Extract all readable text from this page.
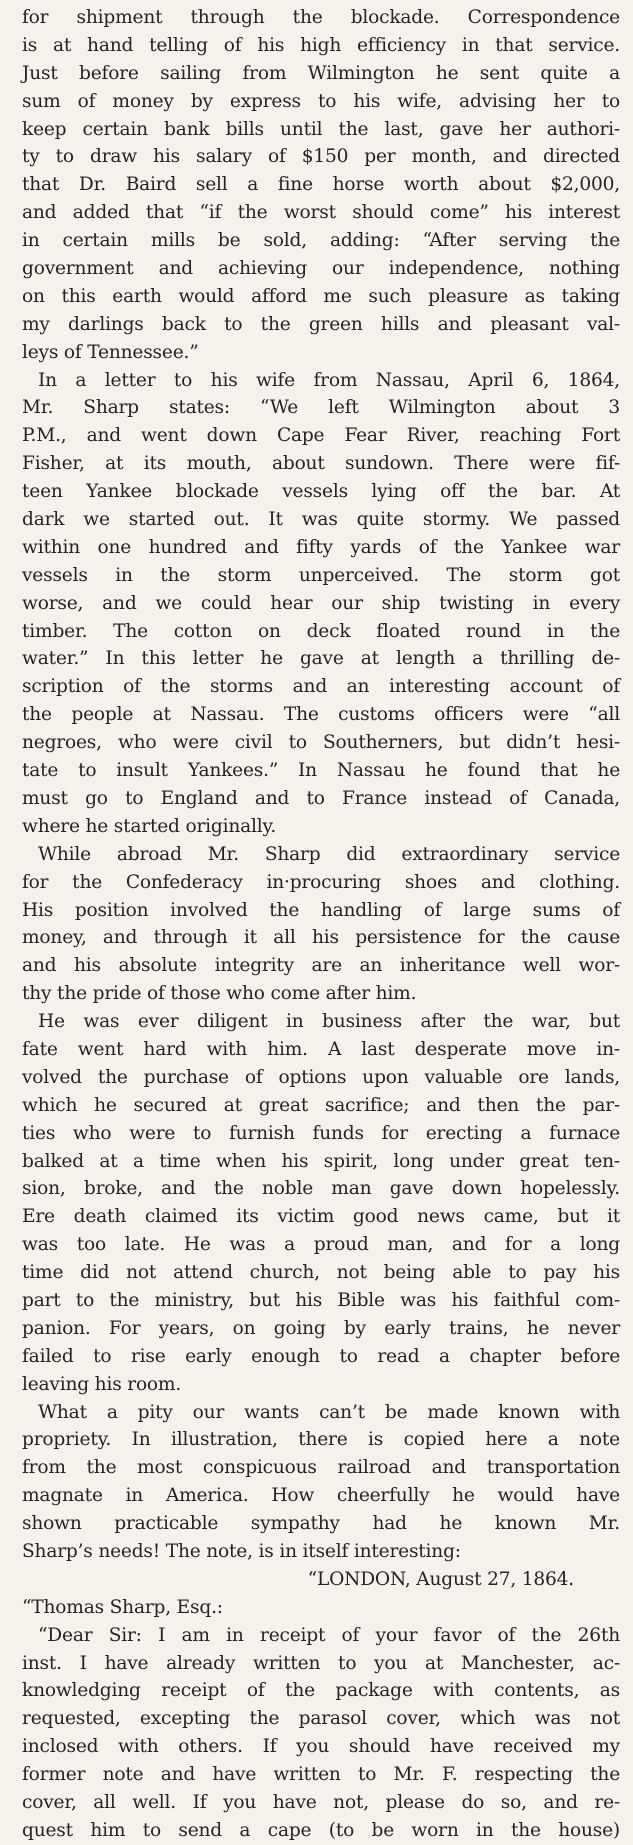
for shipment through the blockade. Correspondence
is at hand telling of his high efficiency in that service.
Just before sailing from Wilmington he sent quite a
sum of money by express to his wife, advising her to
keep certain bank bills until the last, gave her authori-
ty to draw his salary of $150 per month, and directed
that Dr. Baird sell a fine horse worth about $2,000,
and added that “if the worst should come” his interest
in certain mills be sold, adding: “After serving the
government and achieving our independence, nothing
on this earth would afford me such pleasure as taking
my darlings back to the green hills and pleasant val-
leys of Tennessee.”
In a letter to his wife from Nassau, April 6, 1864,
Mr. Sharp states: “We left Wilmington about 3
P.M., and went down Cape Fear River, reaching Fort
Fisher, at its mouth, about sundown. There were fif-
teen Yankee blockade vessels lying off the bar. At
dark we started out. It was quite stormy. We passed
within one hundred and fifty yards of the Yankee war
vessels in the storm unperceived. The storm got
worse, and we could hear our ship twisting in every
timber. The cotton on deck floated round in the
water.” In this letter he gave at length a thrilling de-
scription of the storms and an interesting account of
the people at Nassau. The customs officers were “all
negroes, who were civil to Southerners, but didn’t hesi-
tate to insult Yankees.” In Nassau he found that he
must go to England and to France instead of Canada,
where he started originally.
While abroad Mr. Sharp did extraordinary service
for the Confederacy in·procuring shoes and clothing.
His position involved the handling of large sums of
money, and through it all his persistence for the cause
and his absolute integrity are an inheritance well wor-
thy the pride of those who come after him.
He was ever diligent in business after the war, but
fate went hard with him. A last desperate move in-
volved the purchase of options upon valuable ore lands,
which he secured at great sacrifice; and then the par-
ties who were to furnish funds for erecting a furnace
balked at a time when his spirit, long under great ten-
sion, broke, and the noble man gave down hopelessly.
Ere death claimed its victim good news came, but it
was too late. He was a proud man, and for a long
time did not attend church, not being able to pay his
part to the ministry, but his Bible was his faithful com-
panion. For years, on going by early trains, he never
failed to rise early enough to read a chapter before
leaving his room.
What a pity our wants can’t be made known with
propriety. In illustration, there is copied here a note
from the most conspicuous railroad and transportation
magnate in America. How cheerfully he would have
shown practicable sympathy had he known Mr.
Sharp’s needs! The note, is in itself interesting:
“LONDON, August 27, 1864.
“Thomas Sharp, Esq.:
“Dear Sir: I am in receipt of your favor of the 26th
inst. I have already written to you at Manchester, ac-
knowledging receipt of the package with contents, as
requested, excepting the parasol cover, which was not
inclosed with others. If you should have received my
former note and have written to Mr. F. respecting the
cover, all well. If you have not, please do so, and re-
quest him to send a cape (to be worn in the house)
